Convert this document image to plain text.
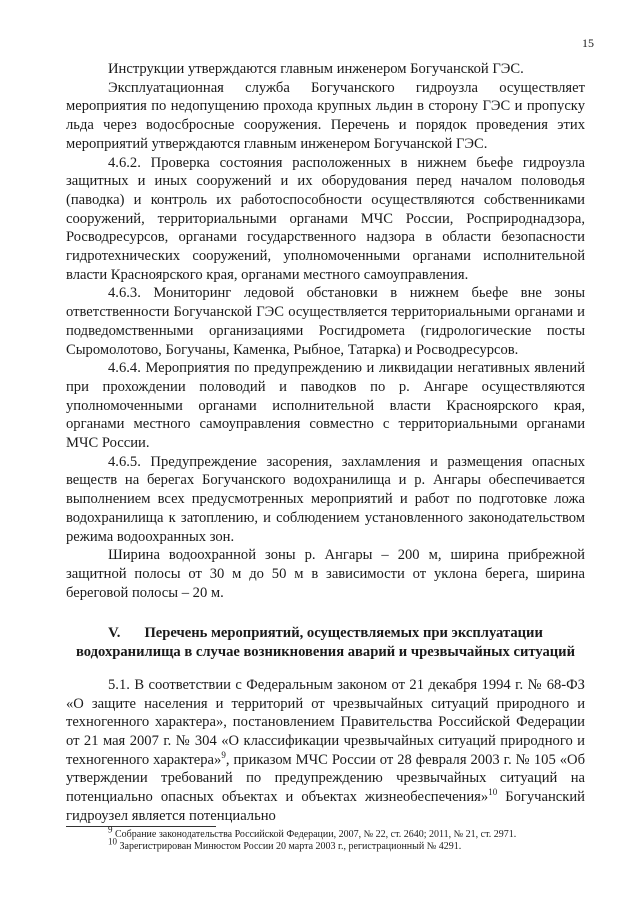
15

Инструкции утверждаются главным инженером Богучанской ГЭС.

Эксплуатационная служба Богучанского гидроузла осуществляет мероприятия по недопущению прохода крупных льдин в сторону ГЭС и пропуску льда через водосбросные сооружения. Перечень и порядок проведения этих мероприятий утверждаются главным инженером Богучанской ГЭС.

4.6.2. Проверка состояния расположенных в нижнем бьефе гидроузла защитных и иных сооружений и их оборудования перед началом половодья (паводка) и контроль их работоспособности осуществляются собственниками сооружений, территориальными органами МЧС России, Росприроднадзора, Росводресурсов, органами государственного надзора в области безопасности гидротехнических сооружений, уполномоченными органами исполнительной власти Красноярского края, органами местного самоуправления.

4.6.3. Мониторинг ледовой обстановки в нижнем бьефе вне зоны ответственности Богучанской ГЭС осуществляется территориальными органами и подведомственными организациями Росгидромета (гидрологические посты Сыромолотово, Богучаны, Каменка, Рыбное, Татарка) и Росводресурсов.

4.6.4. Мероприятия по предупреждению и ликвидации негативных явлений при прохождении половодий и паводков по р. Ангаре осуществляются уполномоченными органами исполнительной власти Красноярского края, органами местного самоуправления совместно с территориальными органами МЧС России.

4.6.5. Предупреждение засорения, захламления и размещения опасных веществ на берегах Богучанского водохранилища и р. Ангары обеспечивается выполнением всех предусмотренных мероприятий и работ по подготовке ложа водохранилища к затоплению, и соблюдением установленного законодательством режима водоохранных зон.

Ширина водоохранной зоны р. Ангары – 200 м, ширина прибрежной защитной полосы от 30 м до 50 м в зависимости от уклона берега, ширина береговой полосы – 20 м.

V. Перечень мероприятий, осуществляемых при эксплуатации
водохранилища в случае возникновения аварий и чрезвычайных ситуаций

5.1. В соответствии с Федеральным законом от 21 декабря 1994 г. № 68-ФЗ «О защите населения и территорий от чрезвычайных ситуаций природного и техногенного характера», постановлением Правительства Российской Федерации от 21 мая 2007 г. № 304 «О классификации чрезвычайных ситуаций природного и техногенного характера»$^9$, приказом МЧС России от 28 февраля 2003 г. № 105 «Об утверждении требований по предупреждению чрезвычайных ситуаций на потенциально опасных объектах и объектах жизнеобеспечения»$^{10}$ Богучанский гидроузел является потенциально

$^9$ Собрание законодательства Российской Федерации, 2007, № 22, ст. 2640; 2011, № 21, ст. 2971.

$^{10}$ Зарегистрирован Минюстом России 20 марта 2003 г., регистрационный № 4291.
